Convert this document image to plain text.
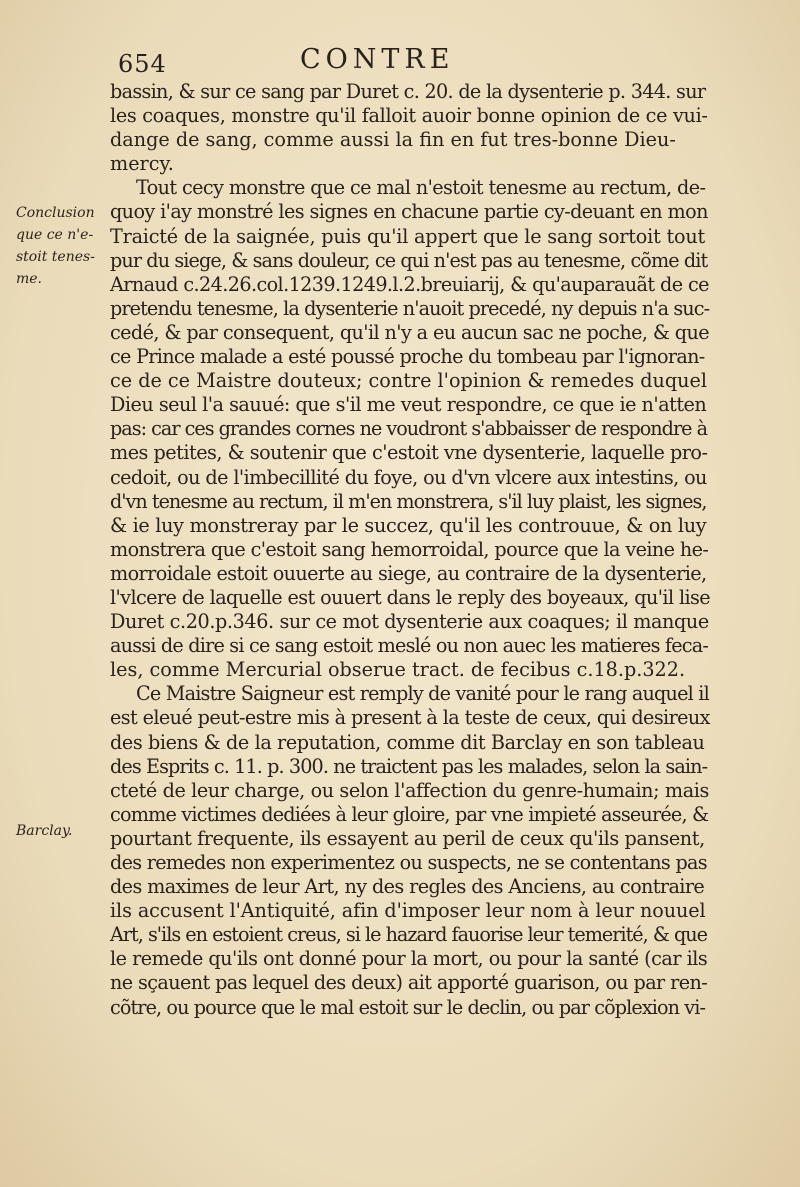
654	CONTRE
Conclusion
que ce n'e-
stoit tenes-
me.
Barclay.
bassin, & sur ce sang par Duret c. 20. de la dysenterie p. 344. sur
les coaques, monstre qu'il falloit auoir bonne opinion de ce vui-
dange de sang, comme aussi la fin en fut tres-bonne Dieu-
mercy.
Tout cecy monstre que ce mal n'estoit tenesme au rectum, de-
quoy i'ay monstré les signes en chacune partie cy-deuant en mon
Traicté de la saignée, puis qu'il appert que le sang sortoit tout
pur du siege, & sans douleur, ce qui n'est pas au tenesme, cõme dit
Arnaud c.24.26.col.1239.1249.l.2.breuiarij, & qu'auparauãt de ce
pretendu tenesme, la dysenterie n'auoit precedé, ny depuis n'a suc-
cedé, & par consequent, qu'il n'y a eu aucun sac ne poche, & que
ce Prince malade a esté poussé proche du tombeau par l'ignoran-
ce de ce Maistre douteux; contre l'opinion & remedes duquel
Dieu seul l'a sauué: que s'il me veut respondre, ce que ie n'atten
pas: car ces grandes cornes ne voudront s'abbaisser de respondre à
mes petites, & soutenir que c'estoit vne dysenterie, laquelle pro-
cedoit, ou de l'imbecillité du foye, ou d'vn vlcere aux intestins, ou
d'vn tenesme au rectum, il m'en monstrera, s'il luy plaist, les signes,
& ie luy monstreray par le succez, qu'il les controuue, & on luy
monstrera que c'estoit sang hemorroidal, pource que la veine he-
morroidale estoit ouuerte au siege, au contraire de la dysenterie,
l'vlcere de laquelle est ouuert dans le reply des boyeaux, qu'il lise
Duret c.20.p.346. sur ce mot dysenterie aux coaques; il manque
aussi de dire si ce sang estoit meslé ou non auec les matieres feca-
les, comme Mercurial obserue tract. de fecibus c.18.p.322.
Ce Maistre Saigneur est remply de vanité pour le rang auquel il
est eleué peut-estre mis à present à la teste de ceux, qui desireux
des biens & de la reputation, comme dit Barclay en son tableau
des Esprits c. 11. p. 300. ne traictent pas les malades, selon la sain-
cteté de leur charge, ou selon l'affection du genre-humain; mais
comme victimes dediées à leur gloire, par vne impieté asseurée, &
pourtant frequente, ils essayent au peril de ceux qu'ils pansent,
des remedes non experimentez ou suspects, ne se contentans pas
des maximes de leur Art, ny des regles des Anciens, au contraire
ils accusent l'Antiquité, afin d'imposer leur nom à leur nouuel
Art, s'ils en estoient creus, si le hazard fauorise leur temerité, & que
le remede qu'ils ont donné pour la mort, ou pour la santé (car ils
ne sçauent pas lequel des deux) ait apporté guarison, ou par ren-
cõtre, ou pource que le mal estoit sur le declin, ou par cõplexion vi-
